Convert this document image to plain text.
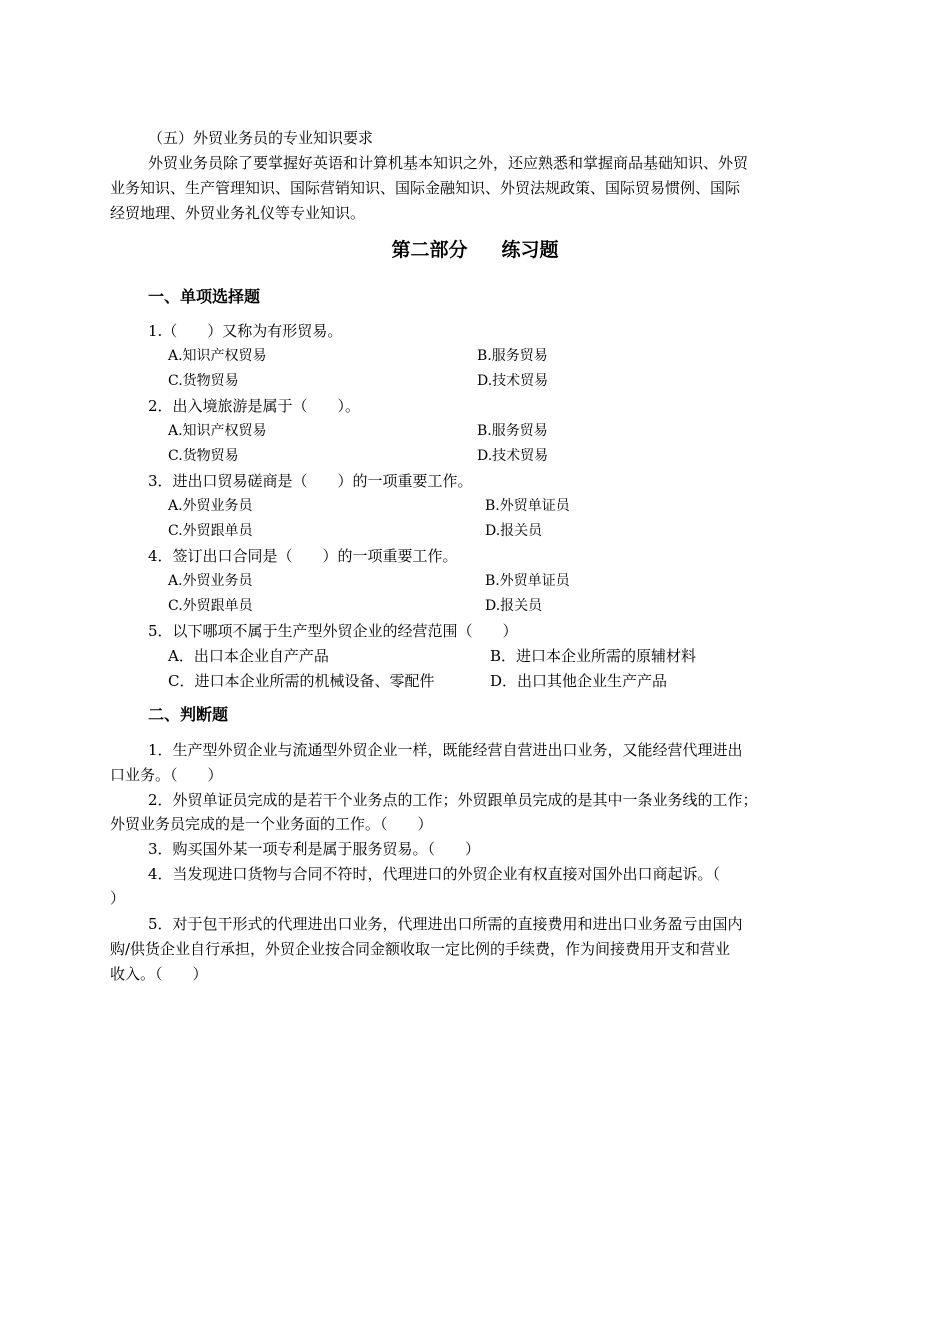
（五）外贸业务员的专业知识要求
外贸业务员除了要掌握好英语和计算机基本知识之外，还应熟悉和掌握商品基础知识、外贸
业务知识、生产管理知识、国际营销知识、国际金融知识、外贸法规政策、国际贸易惯例、国际
经贸地理、外贸业务礼仪等专业知识。
第二部分 练习题
一、单项选择题
1.（　　）又称为有形贸易。
A.知识产权贸易	B.服务贸易
C.货物贸易	D.技术贸易
2．出入境旅游是属于（　　）。
A.知识产权贸易	B.服务贸易
C.货物贸易	D.技术贸易
3．进出口贸易磋商是（　　）的一项重要工作。
A.外贸业务员	B.外贸单证员
C.外贸跟单员	D.报关员
4．签订出口合同是（　　）的一项重要工作。
A.外贸业务员	B.外贸单证员
C.外贸跟单员	D.报关员
5．以下哪项不属于生产型外贸企业的经营范围（　　）
A．出口本企业自产产品	B．进口本企业所需的原辅材料
C．进口本企业所需的机械设备、零配件	D．出口其他企业生产产品
二、判断题
1．生产型外贸企业与流通型外贸企业一样，既能经营自营进出口业务，又能经营代理进出
口业务。（　　）
2．外贸单证员完成的是若干个业务点的工作；外贸跟单员完成的是其中一条业务线的工作；
外贸业务员完成的是一个业务面的工作。（　　）
3．购买国外某一项专利是属于服务贸易。（　　）
4．当发现进口货物与合同不符时，代理进口的外贸企业有权直接对国外出口商起诉。（
）
5．对于包干形式的代理进出口业务，代理进出口所需的直接费用和进出口业务盈亏由国内
购/供货企业自行承担，外贸企业按合同金额收取一定比例的手续费，作为间接费用开支和营业
收入。（　　）
